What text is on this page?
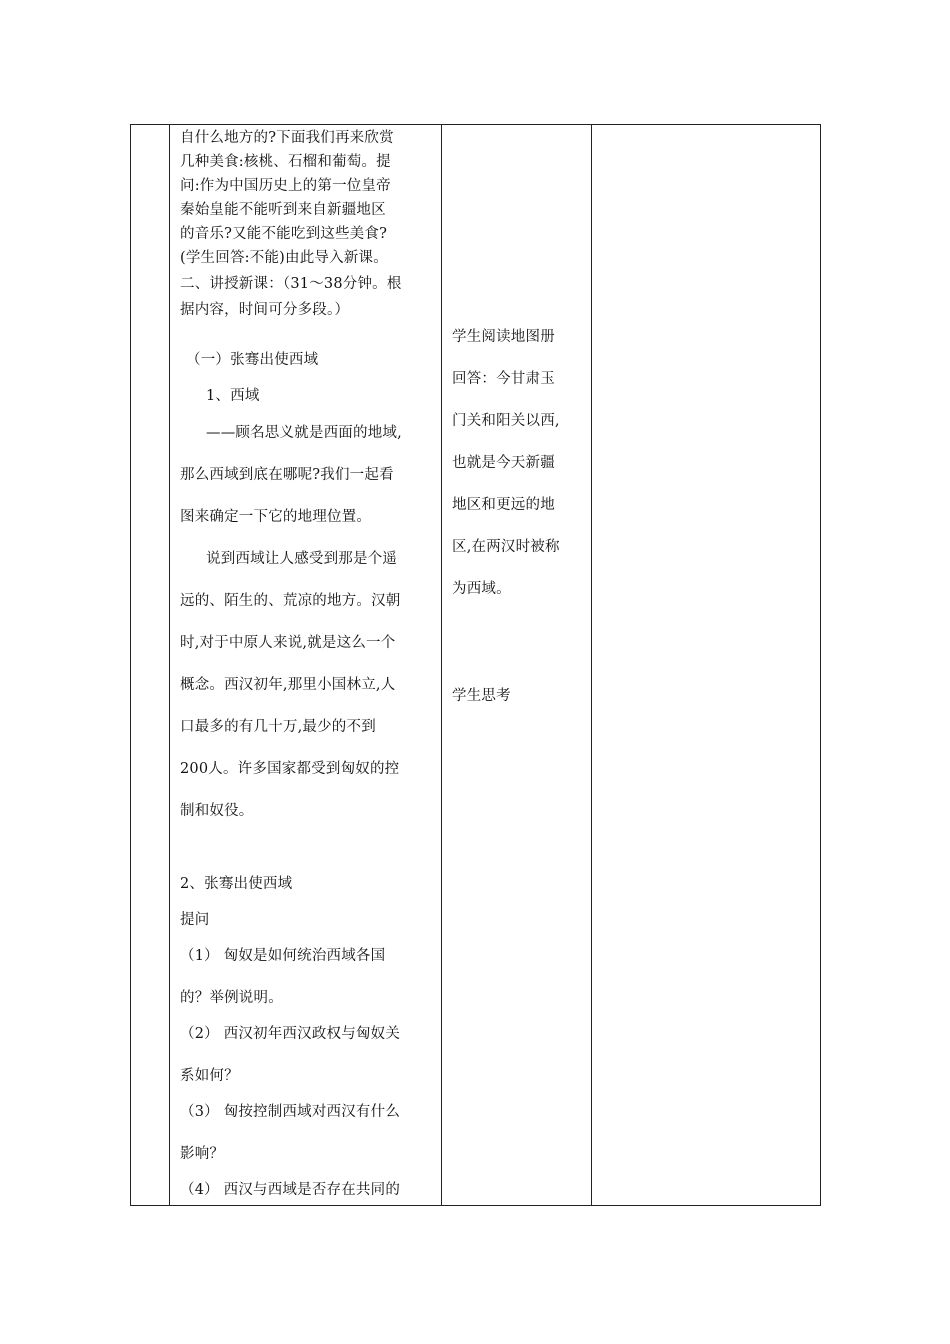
自什么地方的?下面我们再来欣赏
几种美食:核桃、石榴和葡萄。提
问:作为中国历史上的第一位皇帝
秦始皇能不能听到来自新疆地区
的音乐?又能不能吃到这些美食?
(学生回答:不能)由此导入新课。
二、讲授新课：（31～38分钟。根
据内容，时间可分多段。）
（一）张骞出使西域
1、西域
——顾名思义就是西面的地域,
那么西域到底在哪呢?我们一起看
图来确定一下它的地理位置。
说到西域让人感受到那是个遥
远的、陌生的、荒凉的地方。汉朝
时,对于中原人来说,就是这么一个
概念。西汉初年,那里小国林立,人
口最多的有几十万,最少的不到
200人。许多国家都受到匈奴的控
制和奴役。
2、张骞出使西域
提问
（1） 匈奴是如何统治西域各国
的？举例说明。
（2） 西汉初年西汉政权与匈奴关
系如何？
（3） 匈按控制西域对西汉有什么
影响？
（4） 西汉与西域是否存在共同的
学生阅读地图册
回答：今甘肃玉
门关和阳关以西,
也就是今天新疆
地区和更远的地
区,在两汉时被称
为西域。
学生思考
